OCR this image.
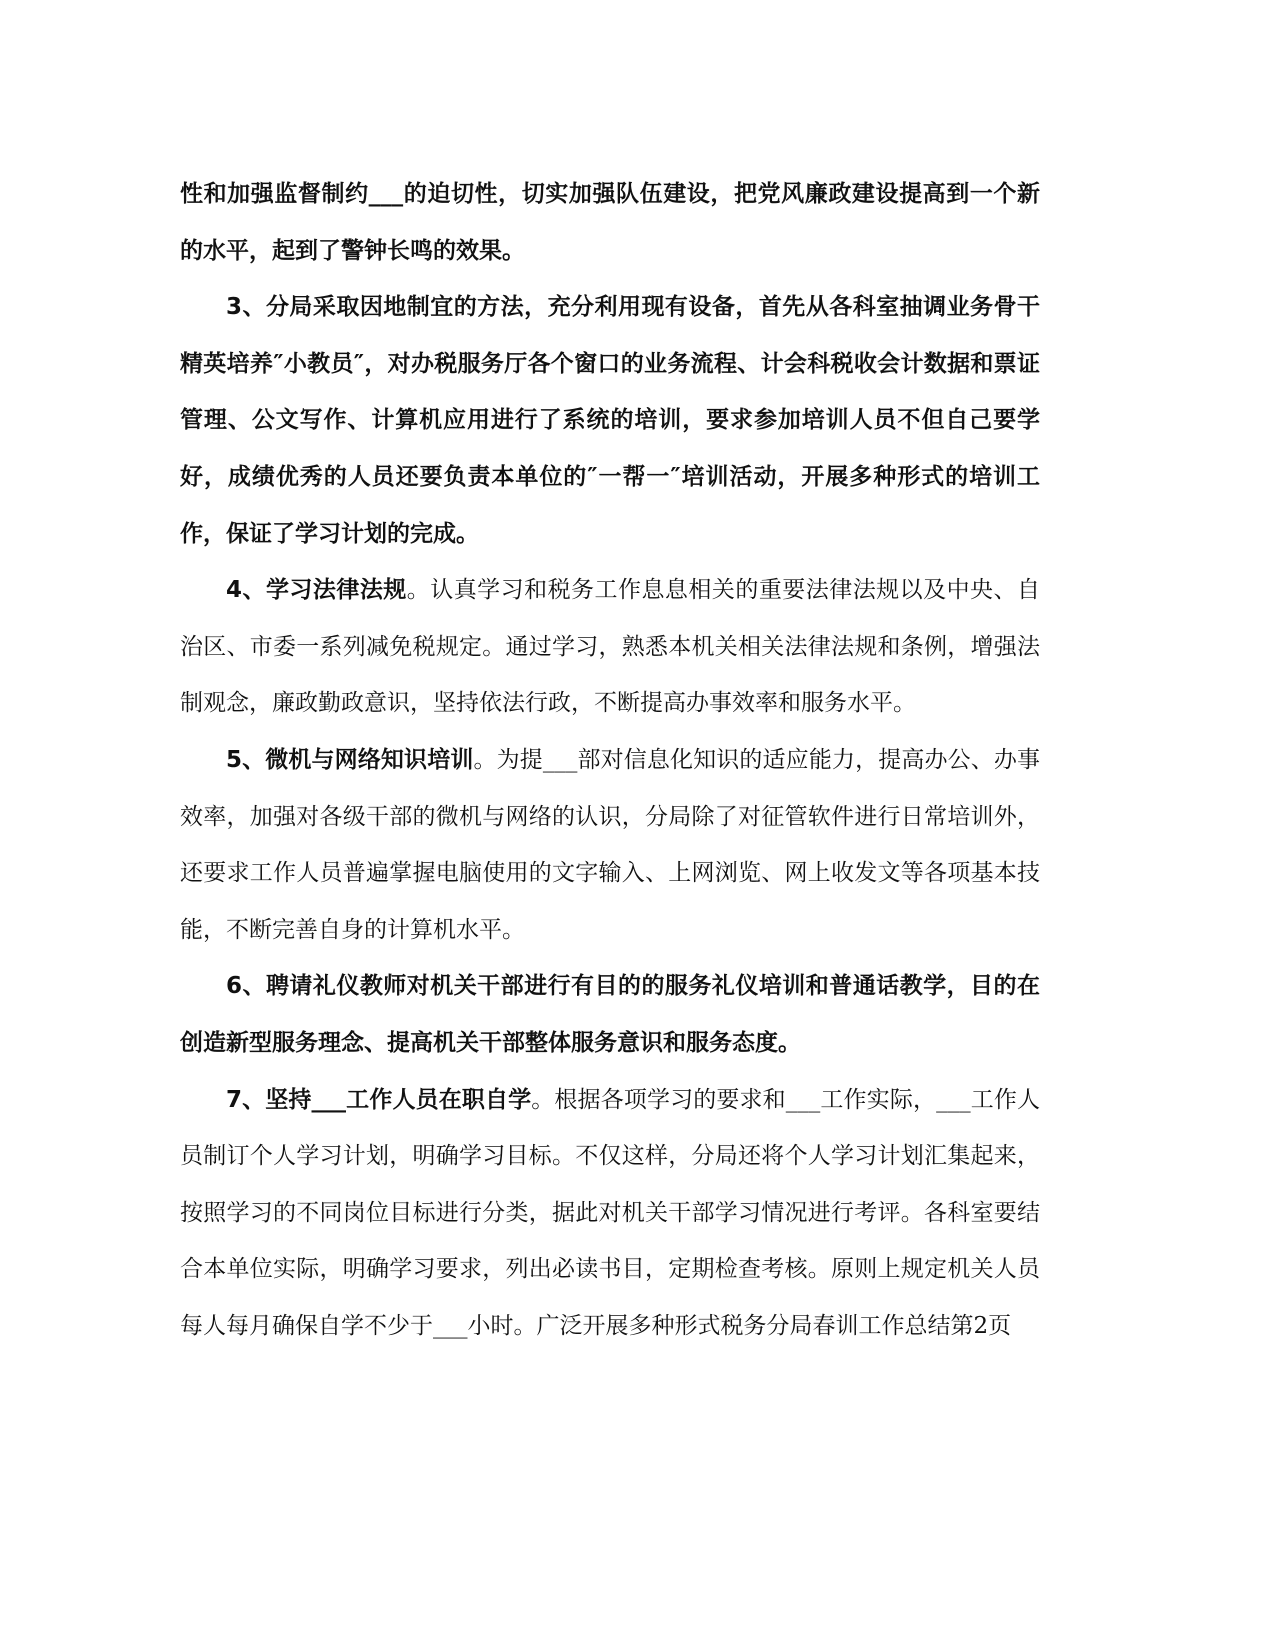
性和加强监督制约___的迫切性，切实加强队伍建设，把党风廉政建设提高到一个新的水平，起到了警钟长鸣的效果。

3、分局采取因地制宜的方法，充分利用现有设备，首先从各科室抽调业务骨干精英培养″小教员″，对办税服务厅各个窗口的业务流程、计会科税收会计数据和票证管理、公文写作、计算机应用进行了系统的培训，要求参加培训人员不但自己要学好，成绩优秀的人员还要负责本单位的″一帮一″培训活动，开展多种形式的培训工作，保证了学习计划的完成。

4、学习法律法规。认真学习和税务工作息息相关的重要法律法规以及中央、自治区、市委一系列减免税规定。通过学习，熟悉本机关相关法律法规和条例，增强法制观念，廉政勤政意识，坚持依法行政，不断提高办事效率和服务水平。

5、微机与网络知识培训。为提___部对信息化知识的适应能力，提高办公、办事效率，加强对各级干部的微机与网络的认识，分局除了对征管软件进行日常培训外，还要求工作人员普遍掌握电脑使用的文字输入、上网浏览、网上收发文等各项基本技能，不断完善自身的计算机水平。

6、聘请礼仪教师对机关干部进行有目的的服务礼仪培训和普通话教学，目的在创造新型服务理念、提高机关干部整体服务意识和服务态度。

7、坚持___工作人员在职自学。根据各项学习的要求和___工作实际，___工作人员制订个人学习计划，明确学习目标。不仅这样，分局还将个人学习计划汇集起来，按照学习的不同岗位目标进行分类，据此对机关干部学习情况进行考评。各科室要结合本单位实际，明确学习要求，列出必读书目，定期检查考核。原则上规定机关人员每人每月确保自学不少于___小时。广泛开展多种形式税务分局春训工作总结第2页
